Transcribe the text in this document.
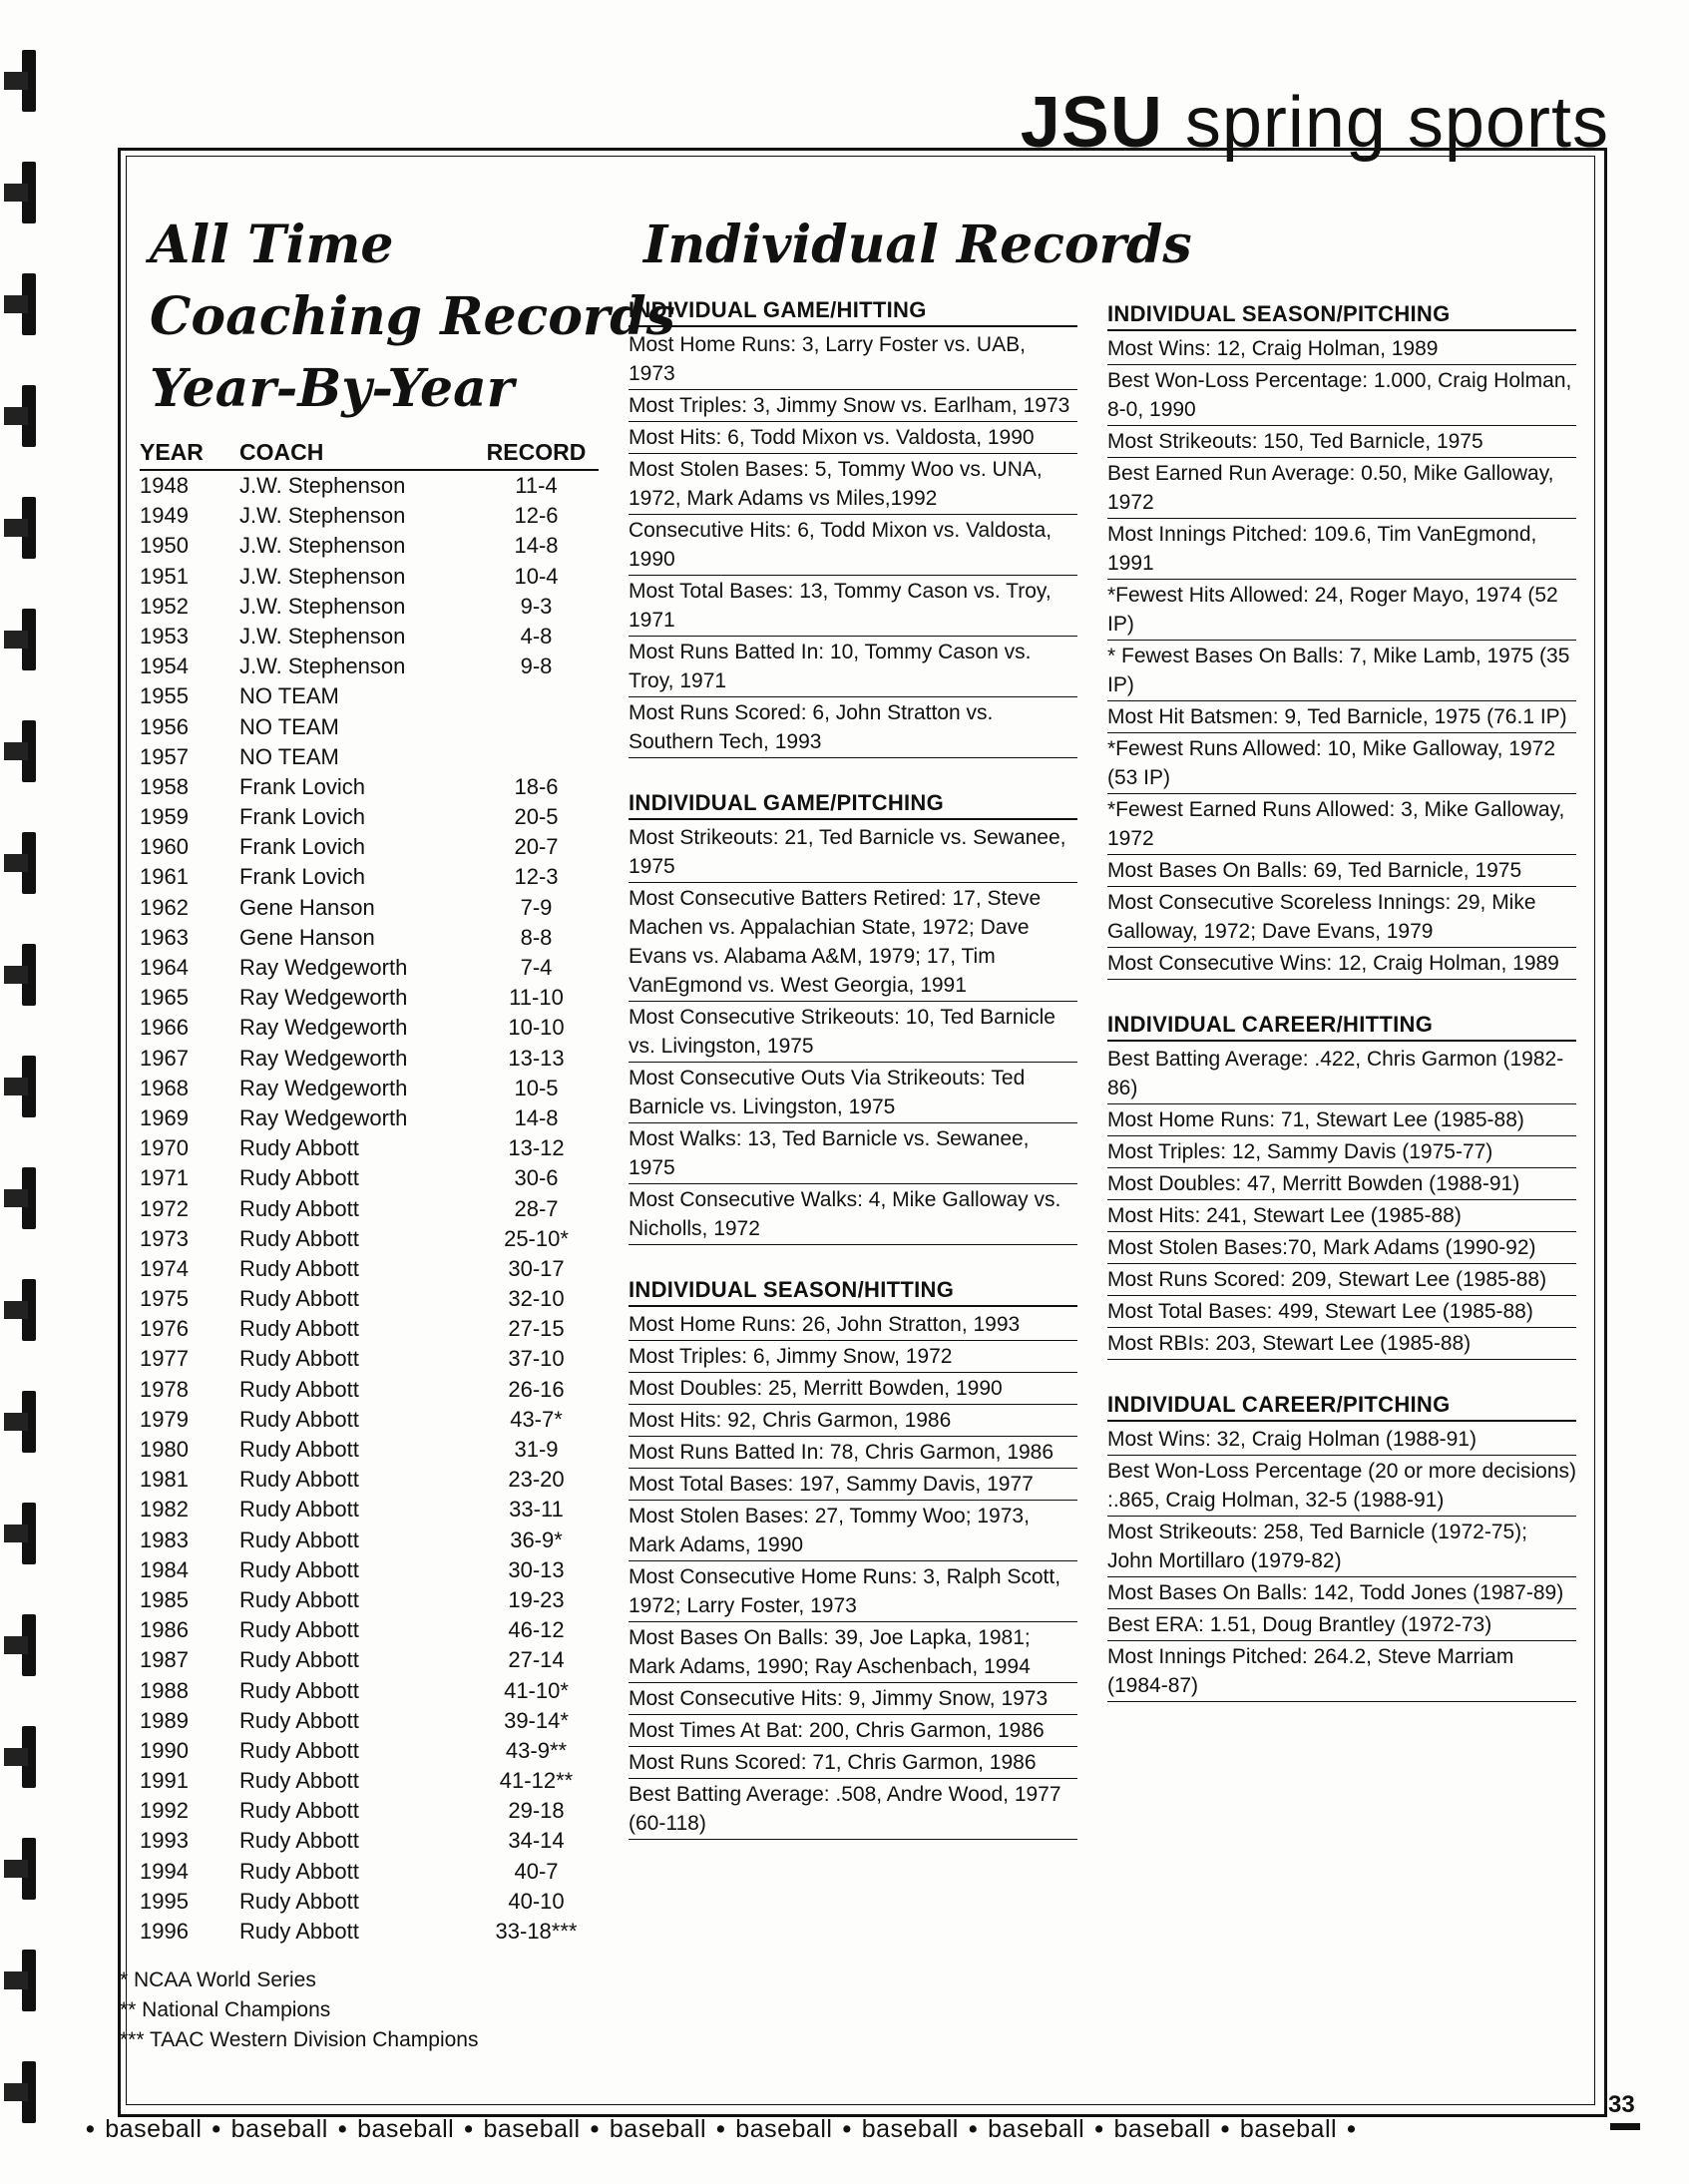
JSU spring sports
All Time
Coaching Records
Year-By-Year
YEAR	COACH	RECORD
1948	J.W. Stephenson	11-4
1949	J.W. Stephenson	12-6
1950	J.W. Stephenson	14-8
1951	J.W. Stephenson	10-4
1952	J.W. Stephenson	9-3
1953	J.W. Stephenson	4-8
1954	J.W. Stephenson	9-8
1955	NO TEAM
1956	NO TEAM
1957	NO TEAM
1958	Frank Lovich	18-6
1959	Frank Lovich	20-5
1960	Frank Lovich	20-7
1961	Frank Lovich	12-3
1962	Gene Hanson	7-9
1963	Gene Hanson	8-8
1964	Ray Wedgeworth	7-4
1965	Ray Wedgeworth	11-10
1966	Ray Wedgeworth	10-10
1967	Ray Wedgeworth	13-13
1968	Ray Wedgeworth	10-5
1969	Ray Wedgeworth	14-8
1970	Rudy Abbott	13-12
1971	Rudy Abbott	30-6
1972	Rudy Abbott	28-7
1973	Rudy Abbott	25-10*
1974	Rudy Abbott	30-17
1975	Rudy Abbott	32-10
1976	Rudy Abbott	27-15
1977	Rudy Abbott	37-10
1978	Rudy Abbott	26-16
1979	Rudy Abbott	43-7*
1980	Rudy Abbott	31-9
1981	Rudy Abbott	23-20
1982	Rudy Abbott	33-11
1983	Rudy Abbott	36-9*
1984	Rudy Abbott	30-13
1985	Rudy Abbott	19-23
1986	Rudy Abbott	46-12
1987	Rudy Abbott	27-14
1988	Rudy Abbott	41-10*
1989	Rudy Abbott	39-14*
1990	Rudy Abbott	43-9**
1991	Rudy Abbott	41-12**
1992	Rudy Abbott	29-18
1993	Rudy Abbott	34-14
1994	Rudy Abbott	40-7
1995	Rudy Abbott	40-10
1996	Rudy Abbott	33-18***
* NCAA World Series
** National Champions
*** TAAC Western Division Champions
Individual Records
INDIVIDUAL GAME/HITTING
Most Home Runs: 3, Larry Foster vs. UAB, 1973
Most Triples: 3, Jimmy Snow vs. Earlham, 1973
Most Hits: 6, Todd Mixon vs. Valdosta, 1990
Most Stolen Bases: 5, Tommy Woo vs. UNA, 1972, Mark Adams vs Miles,1992
Consecutive Hits: 6, Todd Mixon vs. Valdosta, 1990
Most Total Bases: 13, Tommy Cason vs. Troy, 1971
Most Runs Batted In: 10, Tommy Cason vs. Troy, 1971
Most Runs Scored: 6, John Stratton vs. Southern Tech, 1993
INDIVIDUAL GAME/PITCHING
Most Strikeouts: 21, Ted Barnicle vs. Sewanee, 1975
Most Consecutive Batters Retired: 17, Steve Machen vs. Appalachian State, 1972; Dave Evans vs. Alabama A&M, 1979; 17, Tim VanEgmond vs. West Georgia, 1991
Most Consecutive Strikeouts: 10, Ted Barnicle vs. Livingston, 1975
Most Consecutive Outs Via Strikeouts: Ted Barnicle vs. Livingston, 1975
Most Walks: 13, Ted Barnicle vs. Sewanee, 1975
Most Consecutive Walks: 4, Mike Galloway vs. Nicholls, 1972
INDIVIDUAL SEASON/HITTING
Most Home Runs: 26, John Stratton, 1993
Most Triples: 6, Jimmy Snow, 1972
Most Doubles: 25, Merritt Bowden, 1990
Most Hits: 92, Chris Garmon, 1986
Most Runs Batted In: 78, Chris Garmon, 1986
Most Total Bases: 197, Sammy Davis, 1977
Most Stolen Bases: 27, Tommy Woo; 1973, Mark Adams, 1990
Most Consecutive Home Runs: 3, Ralph Scott, 1972; Larry Foster, 1973
Most Bases On Balls: 39, Joe Lapka, 1981; Mark Adams, 1990; Ray Aschenbach, 1994
Most Consecutive Hits: 9, Jimmy Snow, 1973
Most Times At Bat: 200, Chris Garmon, 1986
Most Runs Scored: 71, Chris Garmon, 1986
Best Batting Average: .508, Andre Wood, 1977 (60-118)
INDIVIDUAL SEASON/PITCHING
Most Wins: 12, Craig Holman, 1989
Best Won-Loss Percentage: 1.000, Craig Holman, 8-0, 1990
Most Strikeouts: 150, Ted Barnicle, 1975
Best Earned Run Average: 0.50, Mike Galloway, 1972
Most Innings Pitched: 109.6, Tim VanEgmond, 1991
*Fewest Hits Allowed: 24, Roger Mayo, 1974 (52 IP)
* Fewest Bases On Balls: 7, Mike Lamb, 1975 (35 IP)
Most Hit Batsmen: 9, Ted Barnicle, 1975 (76.1 IP)
*Fewest Runs Allowed: 10, Mike Galloway, 1972 (53 IP)
*Fewest Earned Runs Allowed: 3, Mike Galloway, 1972
Most Bases On Balls: 69, Ted Barnicle, 1975
Most Consecutive Scoreless Innings: 29, Mike Galloway, 1972; Dave Evans, 1979
Most Consecutive Wins: 12, Craig Holman, 1989
INDIVIDUAL CAREER/HITTING
Best Batting Average: .422, Chris Garmon (1982-86)
Most Home Runs: 71, Stewart Lee (1985-88)
Most Triples: 12, Sammy Davis (1975-77)
Most Doubles: 47, Merritt Bowden (1988-91)
Most Hits: 241, Stewart Lee (1985-88)
Most Stolen Bases:70, Mark Adams (1990-92)
Most Runs Scored: 209, Stewart Lee (1985-88)
Most Total Bases: 499, Stewart Lee (1985-88)
Most RBIs: 203, Stewart Lee (1985-88)
INDIVIDUAL CAREER/PITCHING
Most Wins: 32, Craig Holman (1988-91)
Best Won-Loss Percentage (20 or more decisions) :.865, Craig Holman, 32-5 (1988-91)
Most Strikeouts: 258, Ted Barnicle (1972-75); John Mortillaro (1979-82)
Most Bases On Balls: 142, Todd Jones (1987-89)
Best ERA: 1.51, Doug Brantley (1972-73)
Most Innings Pitched: 264.2, Steve Marriam (1984-87)
33
• baseball • baseball • baseball • baseball • baseball • baseball • baseball • baseball • baseball • baseball •
